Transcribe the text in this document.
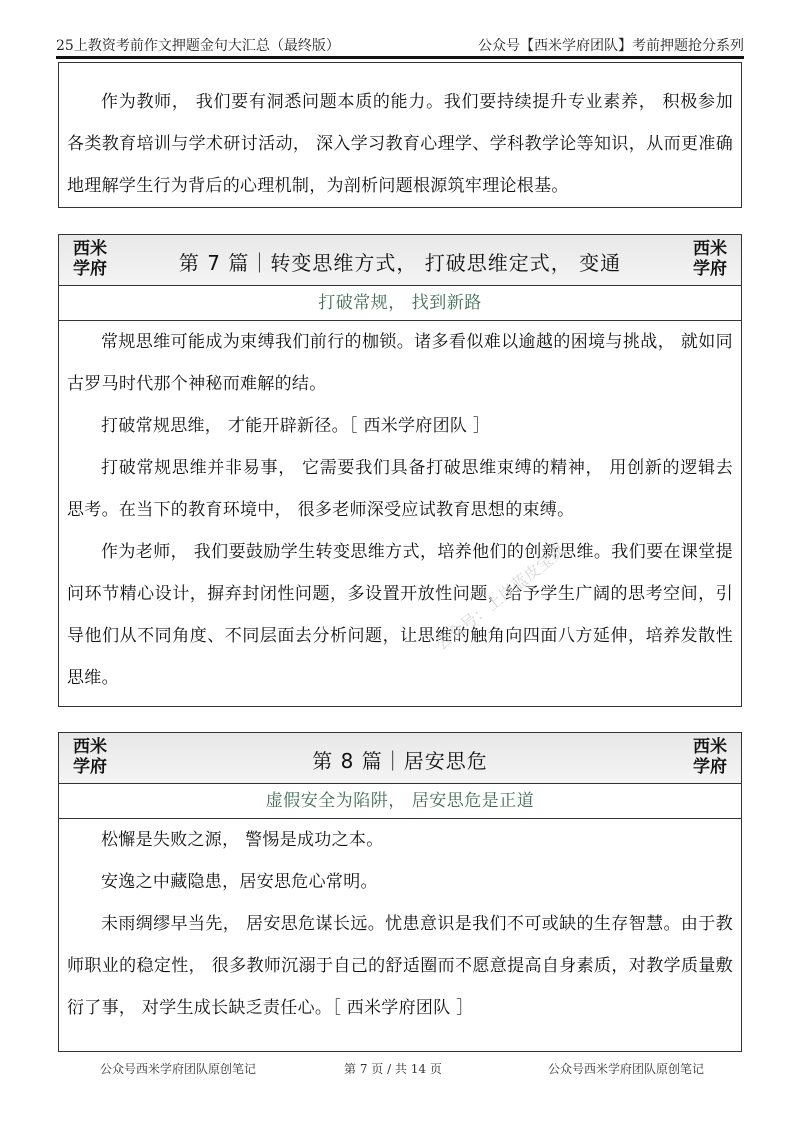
25上教资考前作文押题金句大汇总（最终版）	公众号【西米学府团队】考前押题抢分系列

作为教师， 我们要有洞悉问题本质的能力。我们要持续提升专业素养， 积极参加各类教育培训与学术研讨活动， 深入学习教育心理学、学科教学论等知识，从而更准确地理解学生行为背后的心理机制，为剖析问题根源筑牢理论根基。

西米
学府	第 7 篇｜转变思维方式， 打破思维定式， 变通
西米
学府
打破常规， 找到新路

常规思维可能成为束缚我们前行的枷锁。诸多看似难以逾越的困境与挑战， 就如同古罗马时代那个神秘而难解的结。

打破常规思维， 才能开辟新径。［ 西米学府团队 ］

打破常规思维并非易事， 它需要我们具备打破思维束缚的精神， 用创新的逻辑去思考。在当下的教育环境中， 很多老师深受应试教育思想的束缚。

作为老师， 我们要鼓励学生转变思维方式，培养他们的创新思维。我们要在课堂提问环节精心设计，摒弃封闭性问题，多设置开放性问题，给予学生广阔的思考空间，引导他们从不同角度、不同层面去分析问题，让思维的触角向四面八方延伸，培养发散性思维。

西米
学府	第 8 篇｜居安思危
西米
学府
虚假安全为陷阱， 居安思危是正道

松懈是失败之源， 警惕是成功之本。

安逸之中藏隐患，居安思危心常明。

未雨绸缪早当先， 居安思危谋长远。忧患意识是我们不可或缺的生存智慧。由于教师职业的稳定性， 很多教师沉溺于自己的舒适圈而不愿意提高自身素质，对教学质量敷衍了事， 对学生成长缺乏责任心。［ 西米学府团队 ］

公众号：上岸蓝皮宝典
公众号西米学府团队原创笔记	第 7 页 / 共 14 页	公众号西米学府团队原创笔记
